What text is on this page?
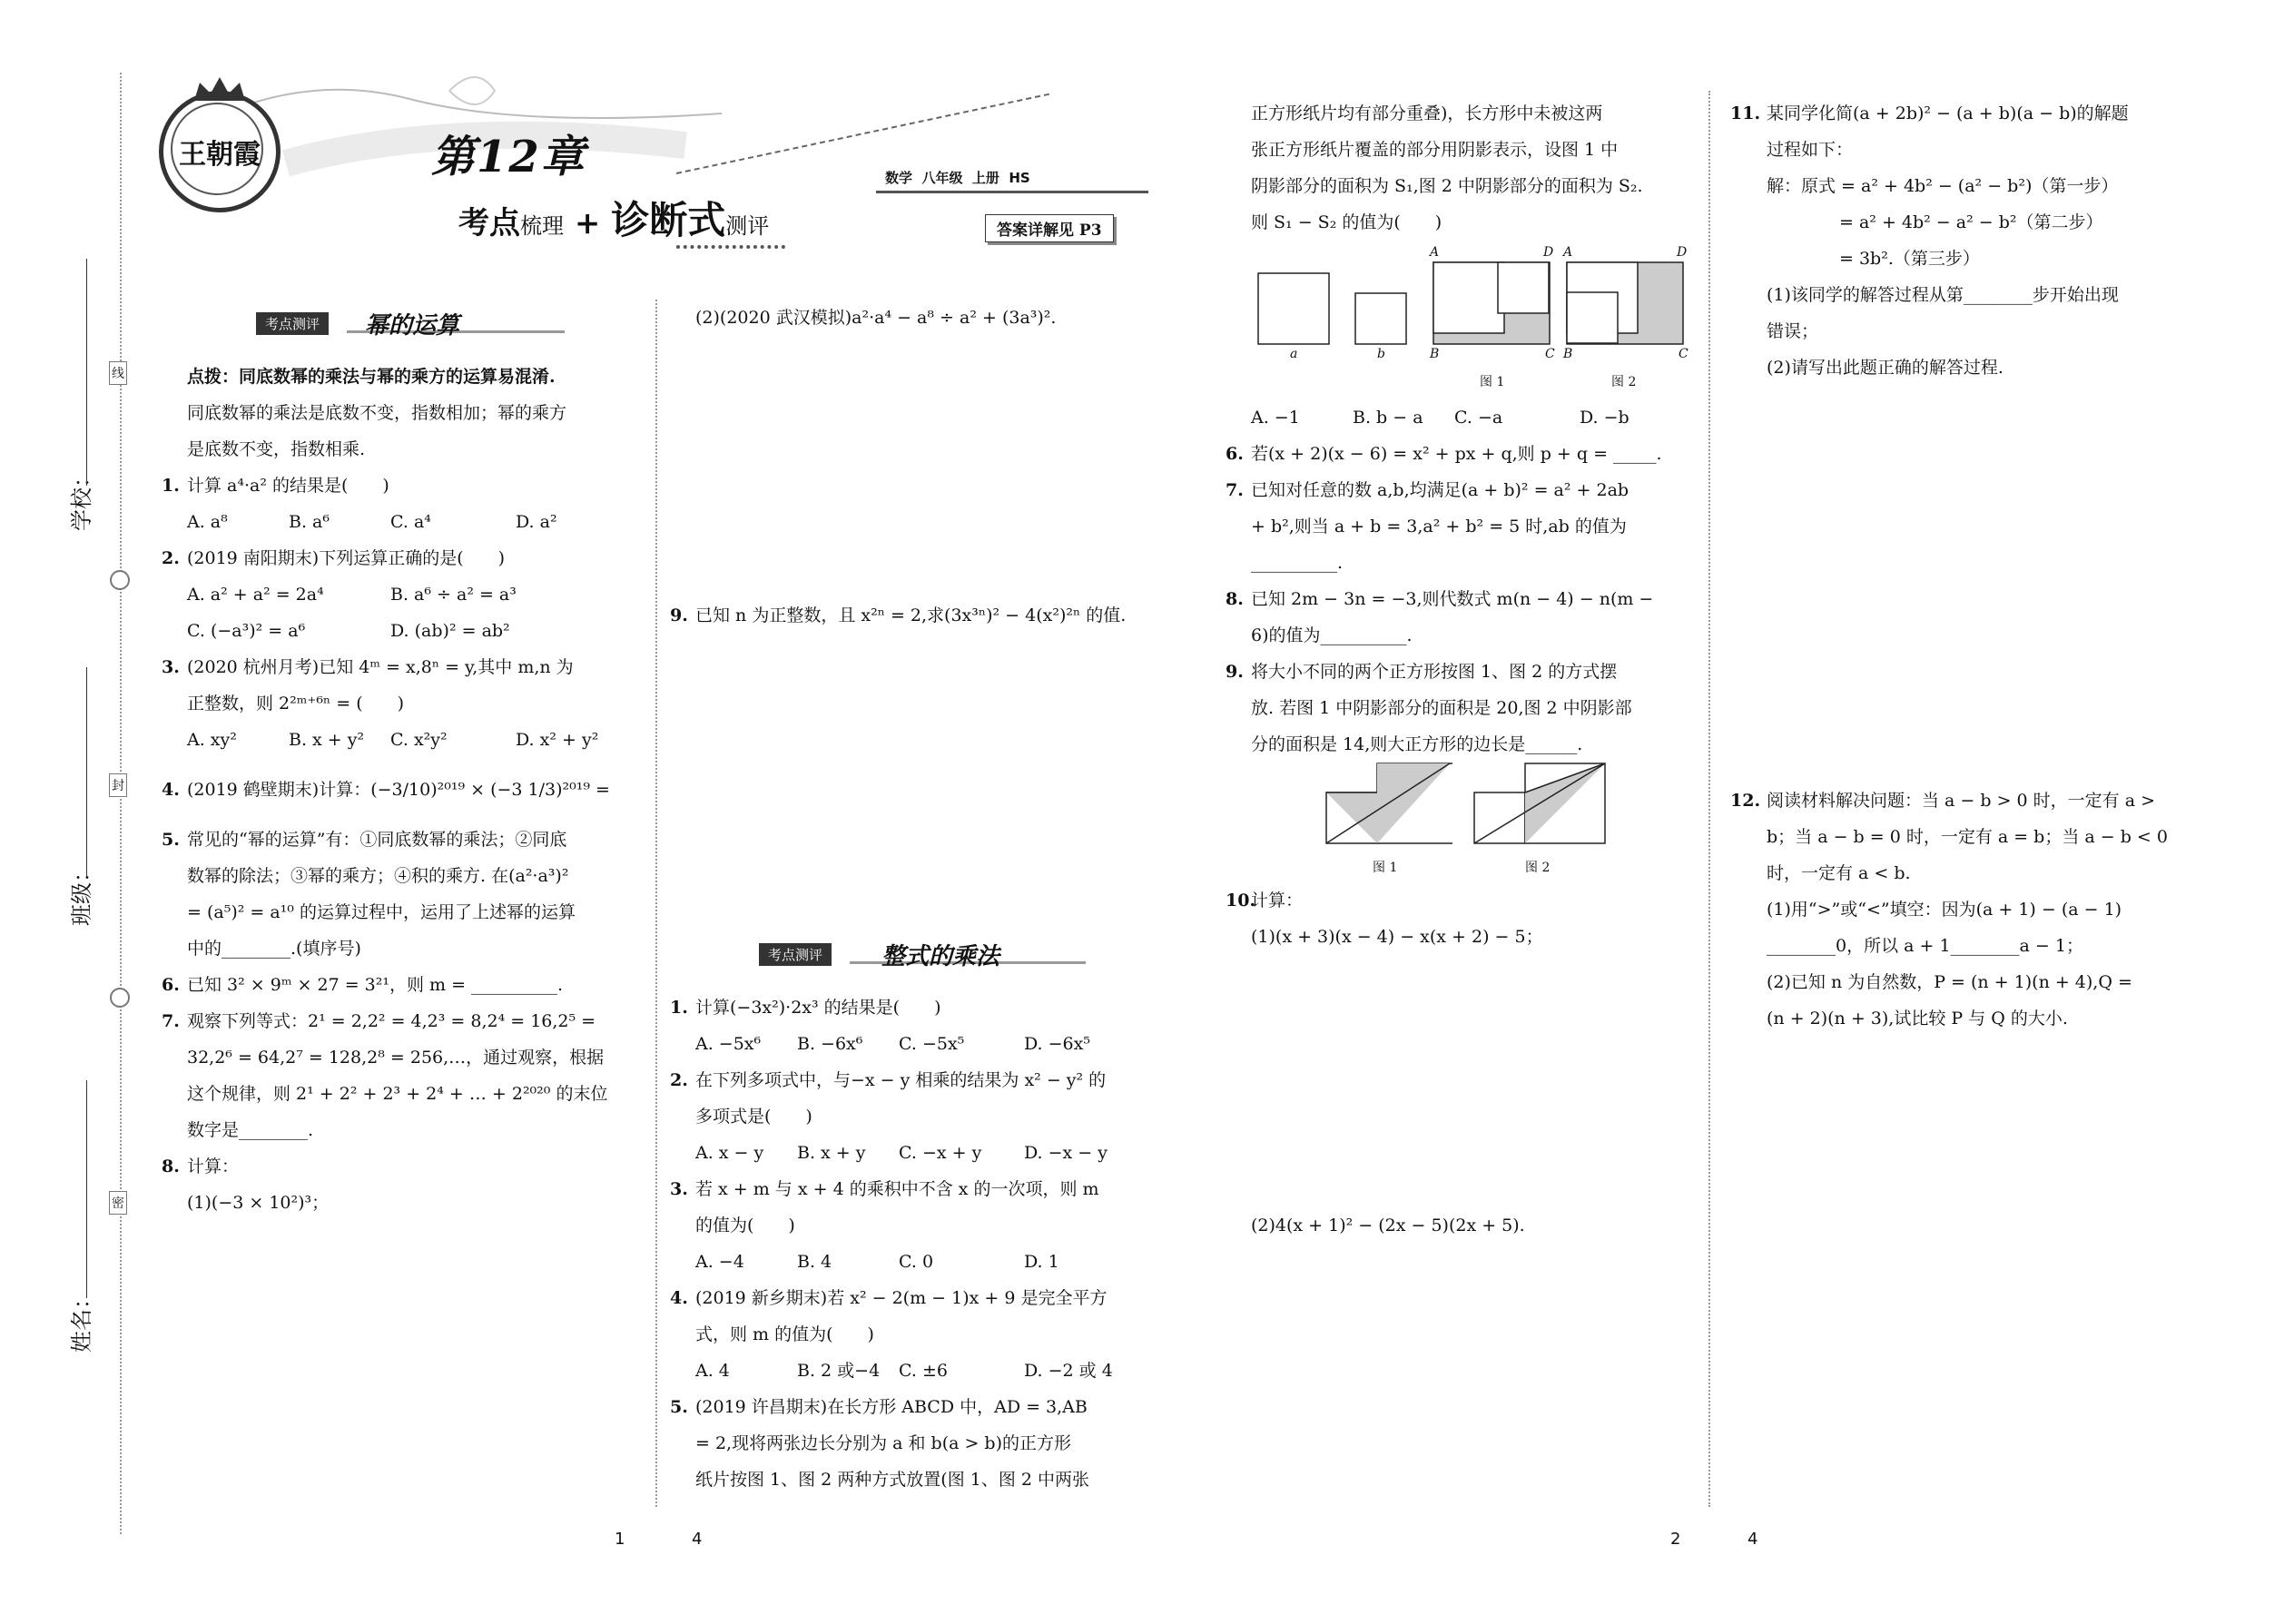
王朝霞	第12章
考点梳理 + 诊断式测评
数学  八年级  上册  HS
答案详解见 P3
线
封
密
学校：
班级：
姓名：
考点测评	幂的运算
点拨：同底数幂的乘法与幂的乘方的运算易混淆.
同底数幂的乘法是底数不变，指数相加；幂的乘方
是底数不变，指数相乘.
1. 计算 a⁴·a² 的结果是(　　)
A. a⁸	B. a⁶	C. a⁴	D. a²
2. (2019 南阳期末)下列运算正确的是(　　)
A. a² + a² = 2a⁴	B. a⁶ ÷ a² = a³
C. (−a³)² = a⁶	D. (ab)² = ab²
3. (2020 杭州月考)已知 4ᵐ = x,8ⁿ = y,其中 m,n 为
正整数，则 2²ᵐ⁺⁶ⁿ = (　　)
A. xy²	B. x + y²	C. x²y²	D. x² + y²
4. (2019 鹤壁期末)计算：(−3/10)²⁰¹⁹ × (−3 1/3)²⁰¹⁹ =
5. 常见的“幂的运算”有：①同底数幂的乘法；②同底
数幂的除法；③幂的乘方；④积的乘方. 在(a²·a³)²
= (a⁵)² = a¹⁰ 的运算过程中，运用了上述幂的运算
中的________.(填序号)
6. 已知 3² × 9ᵐ × 27 = 3²¹，则 m = __________.
7. 观察下列等式：2¹ = 2,2² = 4,2³ = 8,2⁴ = 16,2⁵ =
32,2⁶ = 64,2⁷ = 128,2⁸ = 256,…，通过观察，根据
这个规律，则 2¹ + 2² + 2³ + 2⁴ + … + 2²⁰²⁰ 的末位
数字是________.
8. 计算：
(1)(−3 × 10²)³；
(2)(2020 武汉模拟)a²·a⁴ − a⁸ ÷ a² + (3a³)².
9. 已知 n 为正整数，且 x²ⁿ = 2,求(3x³ⁿ)² − 4(x²)²ⁿ 的值.
考点测评	整式的乘法
1. 计算(−3x²)·2x³ 的结果是(　　)
A. −5x⁶	B. −6x⁶	C. −5x⁵	D. −6x⁵
2. 在下列多项式中，与−x − y 相乘的结果为 x² − y² 的
多项式是(　　)
A. x − y	B. x + y	C. −x + y	D. −x − y
3. 若 x + m 与 x + 4 的乘积中不含 x 的一次项，则 m
的值为(　　)
A. −4	B. 4	C. 0	D. 1
4. (2019 新乡期末)若 x² − 2(m − 1)x + 9 是完全平方
式，则 m 的值为(　　)
A. 4	B. 2 或−4	C. ±6	D. −2 或 4
5. (2019 许昌期末)在长方形 ABCD 中，AD = 3,AB
= 2,现将两张边长分别为 a 和 b(a > b)的正方形
纸片按图 1、图 2 两种方式放置(图 1、图 2 中两张
正方形纸片均有部分重叠)，长方形中未被这两
张正方形纸片覆盖的部分用阴影表示，设图 1 中
阴影部分的面积为 S₁,图 2 中阴影部分的面积为 S₂.
则 S₁ − S₂ 的值为(　　)
a	b
A	D
B	C
图 1
A	D
B	C
图 2
A. −1	B. b − a	C. −a	D. −b
6. 若(x + 2)(x − 6) = x² + px + q,则 p + q = _____.
7. 已知对任意的数 a,b,均满足(a + b)² = a² + 2ab
+ b²,则当 a + b = 3,a² + b² = 5 时,ab 的值为
__________.
8. 已知 2m − 3n = −3,则代数式 m(n − 4) − n(m −
6)的值为__________.
9. 将大小不同的两个正方形按图 1、图 2 的方式摆
放. 若图 1 中阴影部分的面积是 20,图 2 中阴影部
分的面积是 14,则大正方形的边长是______.
图 1	图 2
10.计算：
(1)(x + 3)(x − 4) − x(x + 2) − 5；
(2)4(x + 1)² − (2x − 5)(2x + 5).
11. 某同学化简(a + 2b)² − (a + b)(a − b)的解题
过程如下：
解：原式 = a² + 4b² − (a² − b²)（第一步）
= a² + 4b² − a² − b²（第二步）
= 3b².（第三步）
(1)该同学的解答过程从第________步开始出现
错误；
(2)请写出此题正确的解答过程.
12. 阅读材料解决问题：当 a − b > 0 时，一定有 a >
b；当 a − b = 0 时，一定有 a = b；当 a − b < 0
时，一定有 a < b.
(1)用“>”或“<”填空：因为(a + 1) − (a − 1)
________0，所以 a + 1________a − 1；
(2)已知 n 为自然数，P = (n + 1)(n + 4),Q =
(n + 2)(n + 3),试比较 P 与 Q 的大小.
1	4	2	4
